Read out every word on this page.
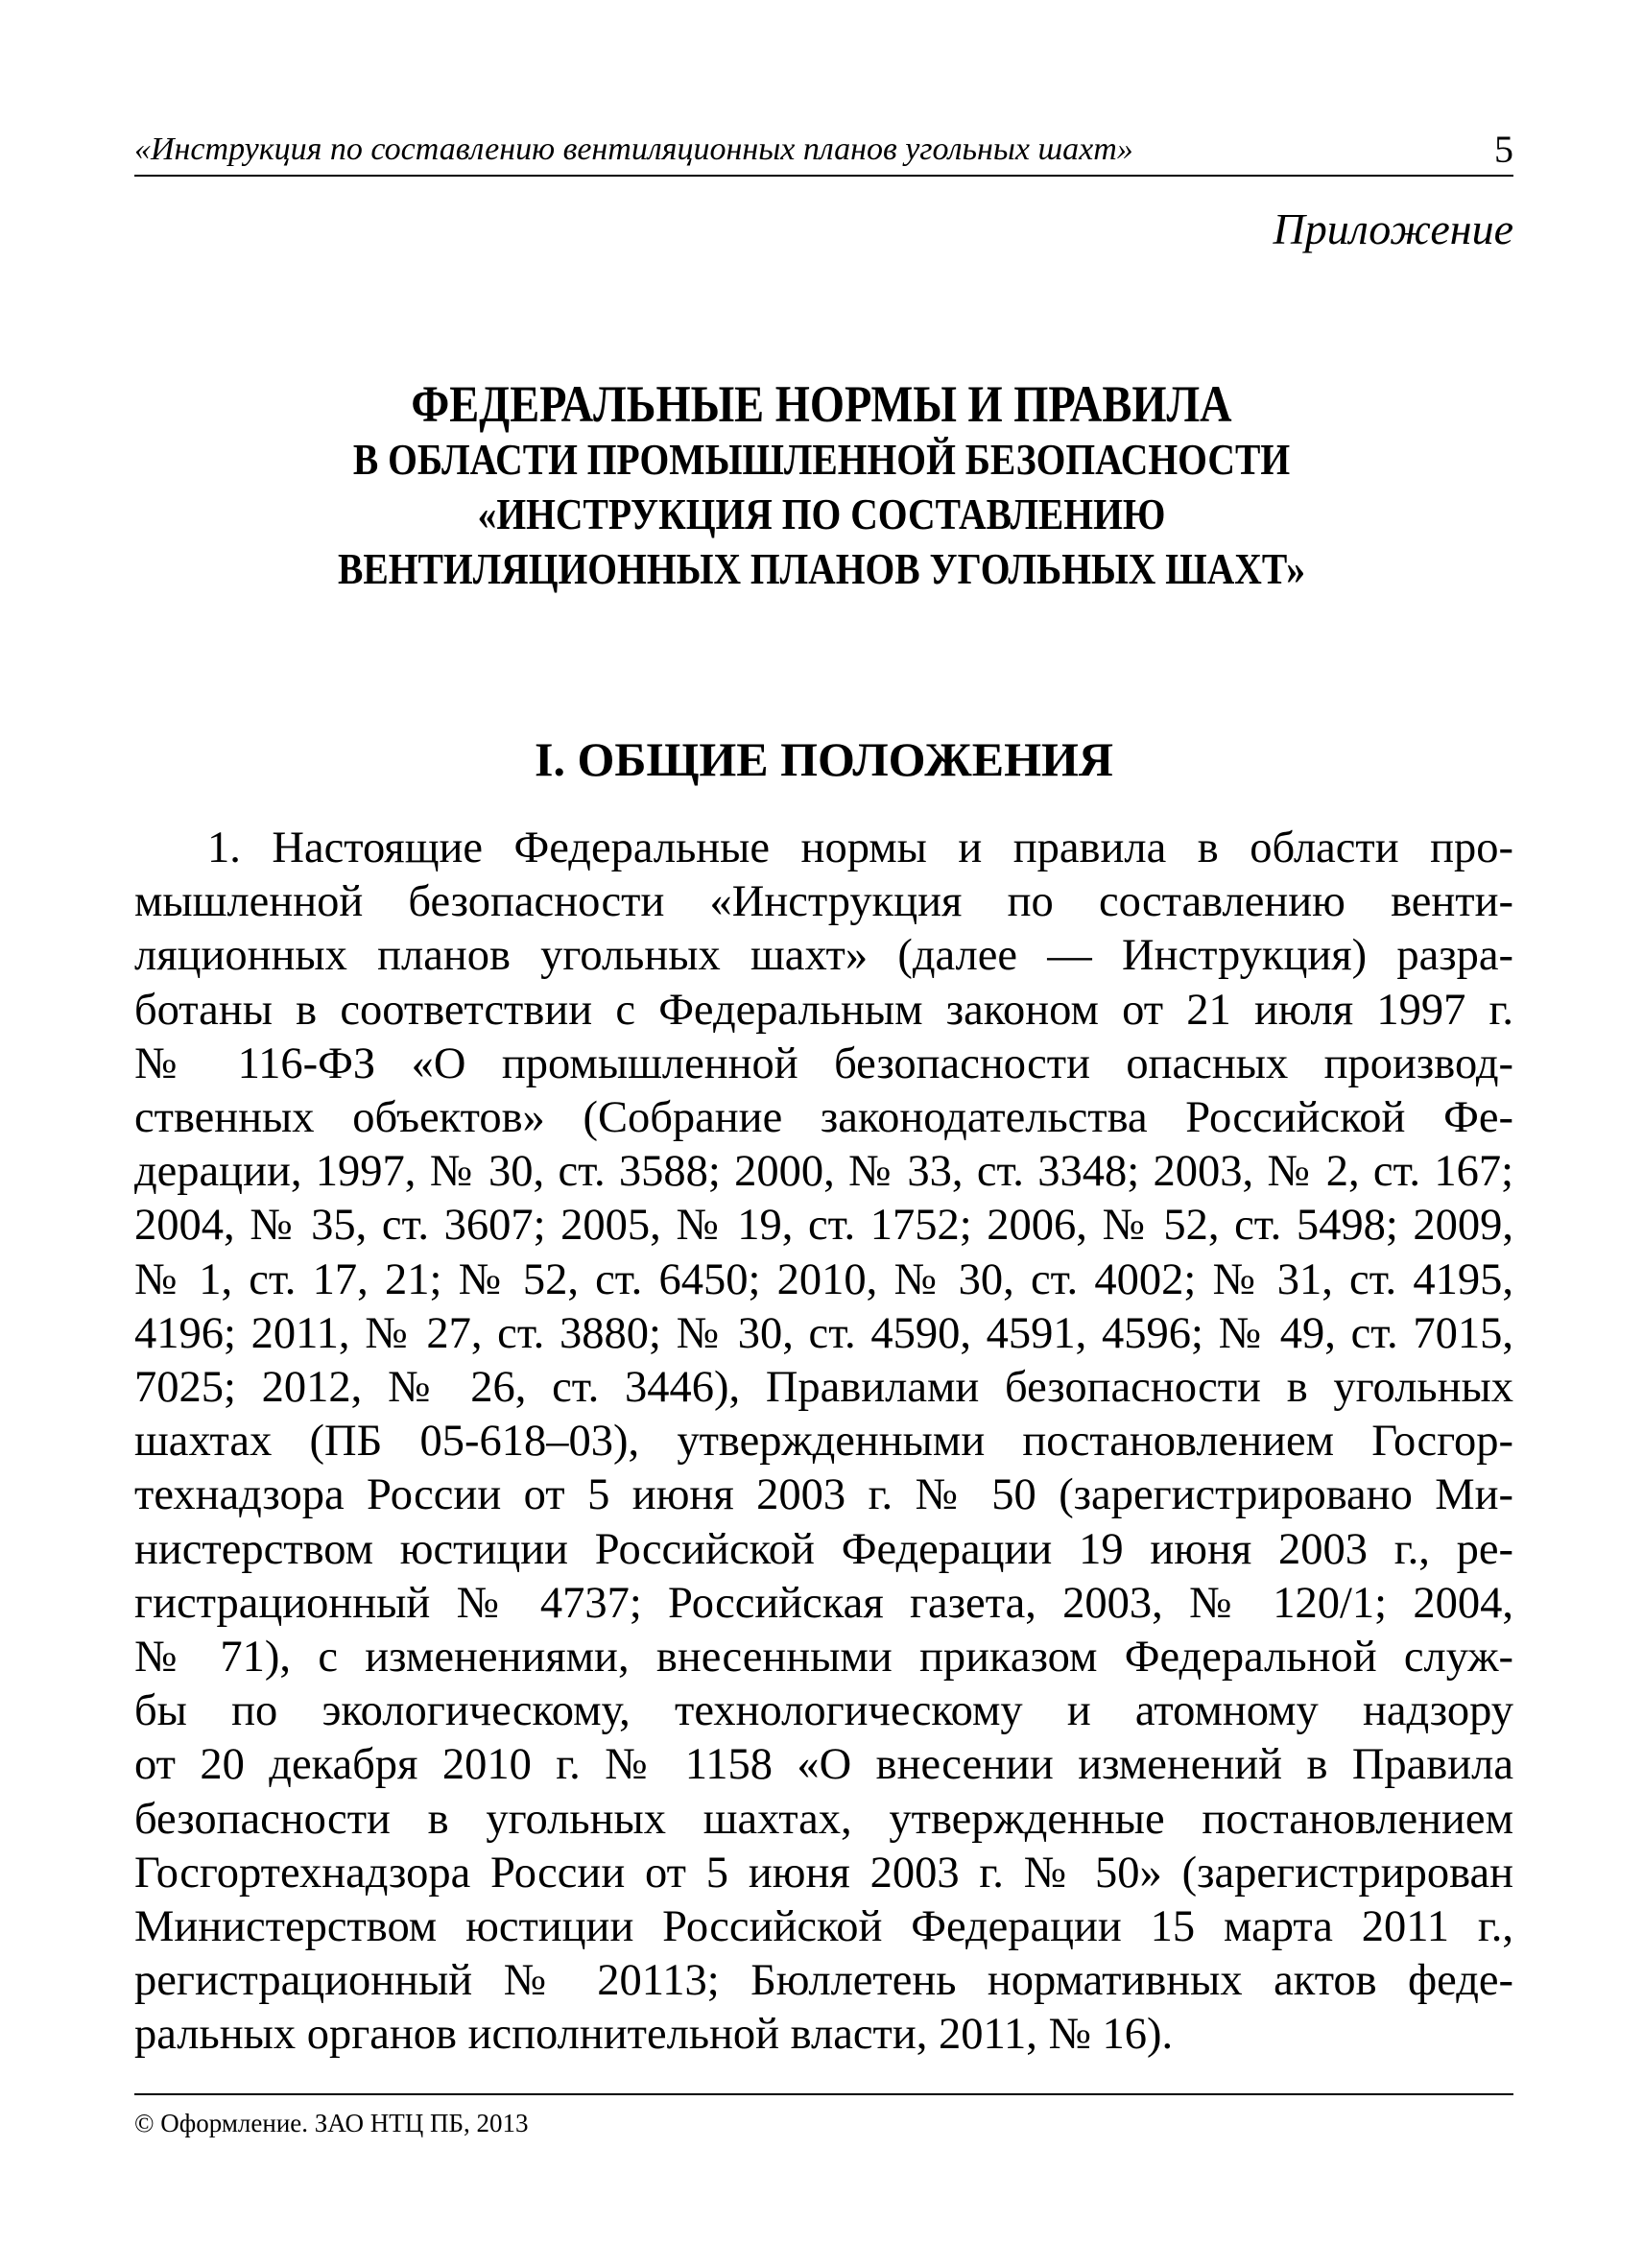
«Инструкция по составлению вентиляционных планов угольных шахт»	5
Приложение
ФЕДЕРАЛЬНЫЕ НОРМЫ И ПРАВИЛА
В ОБЛАСТИ ПРОМЫШЛЕННОЙ БЕЗОПАСНОСТИ
«ИНСТРУКЦИЯ ПО СОСТАВЛЕНИЮ
ВЕНТИЛЯЦИОННЫХ ПЛАНОВ УГОЛЬНЫХ ШАХТ»
I. ОБЩИЕ ПОЛОЖЕНИЯ
1. Настоящие Федеральные нормы и правила в области про-
мышленной безопасности «Инструкция по составлению венти-
ляционных планов угольных шахт» (далее — Инструкция) разра-
ботаны в соответствии с Федеральным законом от 21 июля 1997 г.
№ 116-ФЗ «О промышленной безопасности опасных производ-
ственных объектов» (Собрание законодательства Российской Фе-
дерации, 1997, № 30, ст. 3588; 2000, № 33, ст. 3348; 2003, № 2, ст. 167;
2004, № 35, ст. 3607; 2005, № 19, ст. 1752; 2006, № 52, ст. 5498; 2009,
№ 1, ст. 17, 21; № 52, ст. 6450; 2010, № 30, ст. 4002; № 31, ст. 4195,
4196; 2011, № 27, ст. 3880; № 30, ст. 4590, 4591, 4596; № 49, ст. 7015,
7025; 2012, № 26, ст. 3446), Правилами безопасности в угольных
шахтах (ПБ 05-618–03), утвержденными постановлением Госгор-
технадзора России от 5 июня 2003 г. № 50 (зарегистрировано Ми-
нистерством юстиции Российской Федерации 19 июня 2003 г., ре-
гистрационный № 4737; Российская газета, 2003, № 120/1; 2004,
№ 71), с изменениями, внесенными приказом Федеральной служ-
бы по экологическому, технологическому и атомному надзору
от 20 декабря 2010 г. № 1158 «О внесении изменений в Правила
безопасности в угольных шахтах, утвержденные постановлением
Госгортехнадзора России от 5 июня 2003 г. № 50» (зарегистрирован
Министерством юстиции Российской Федерации 15 марта 2011 г.,
регистрационный № 20113; Бюллетень нормативных актов феде-
ральных органов исполнительной власти, 2011, № 16).
© Оформление. ЗАО НТЦ ПБ, 2013
